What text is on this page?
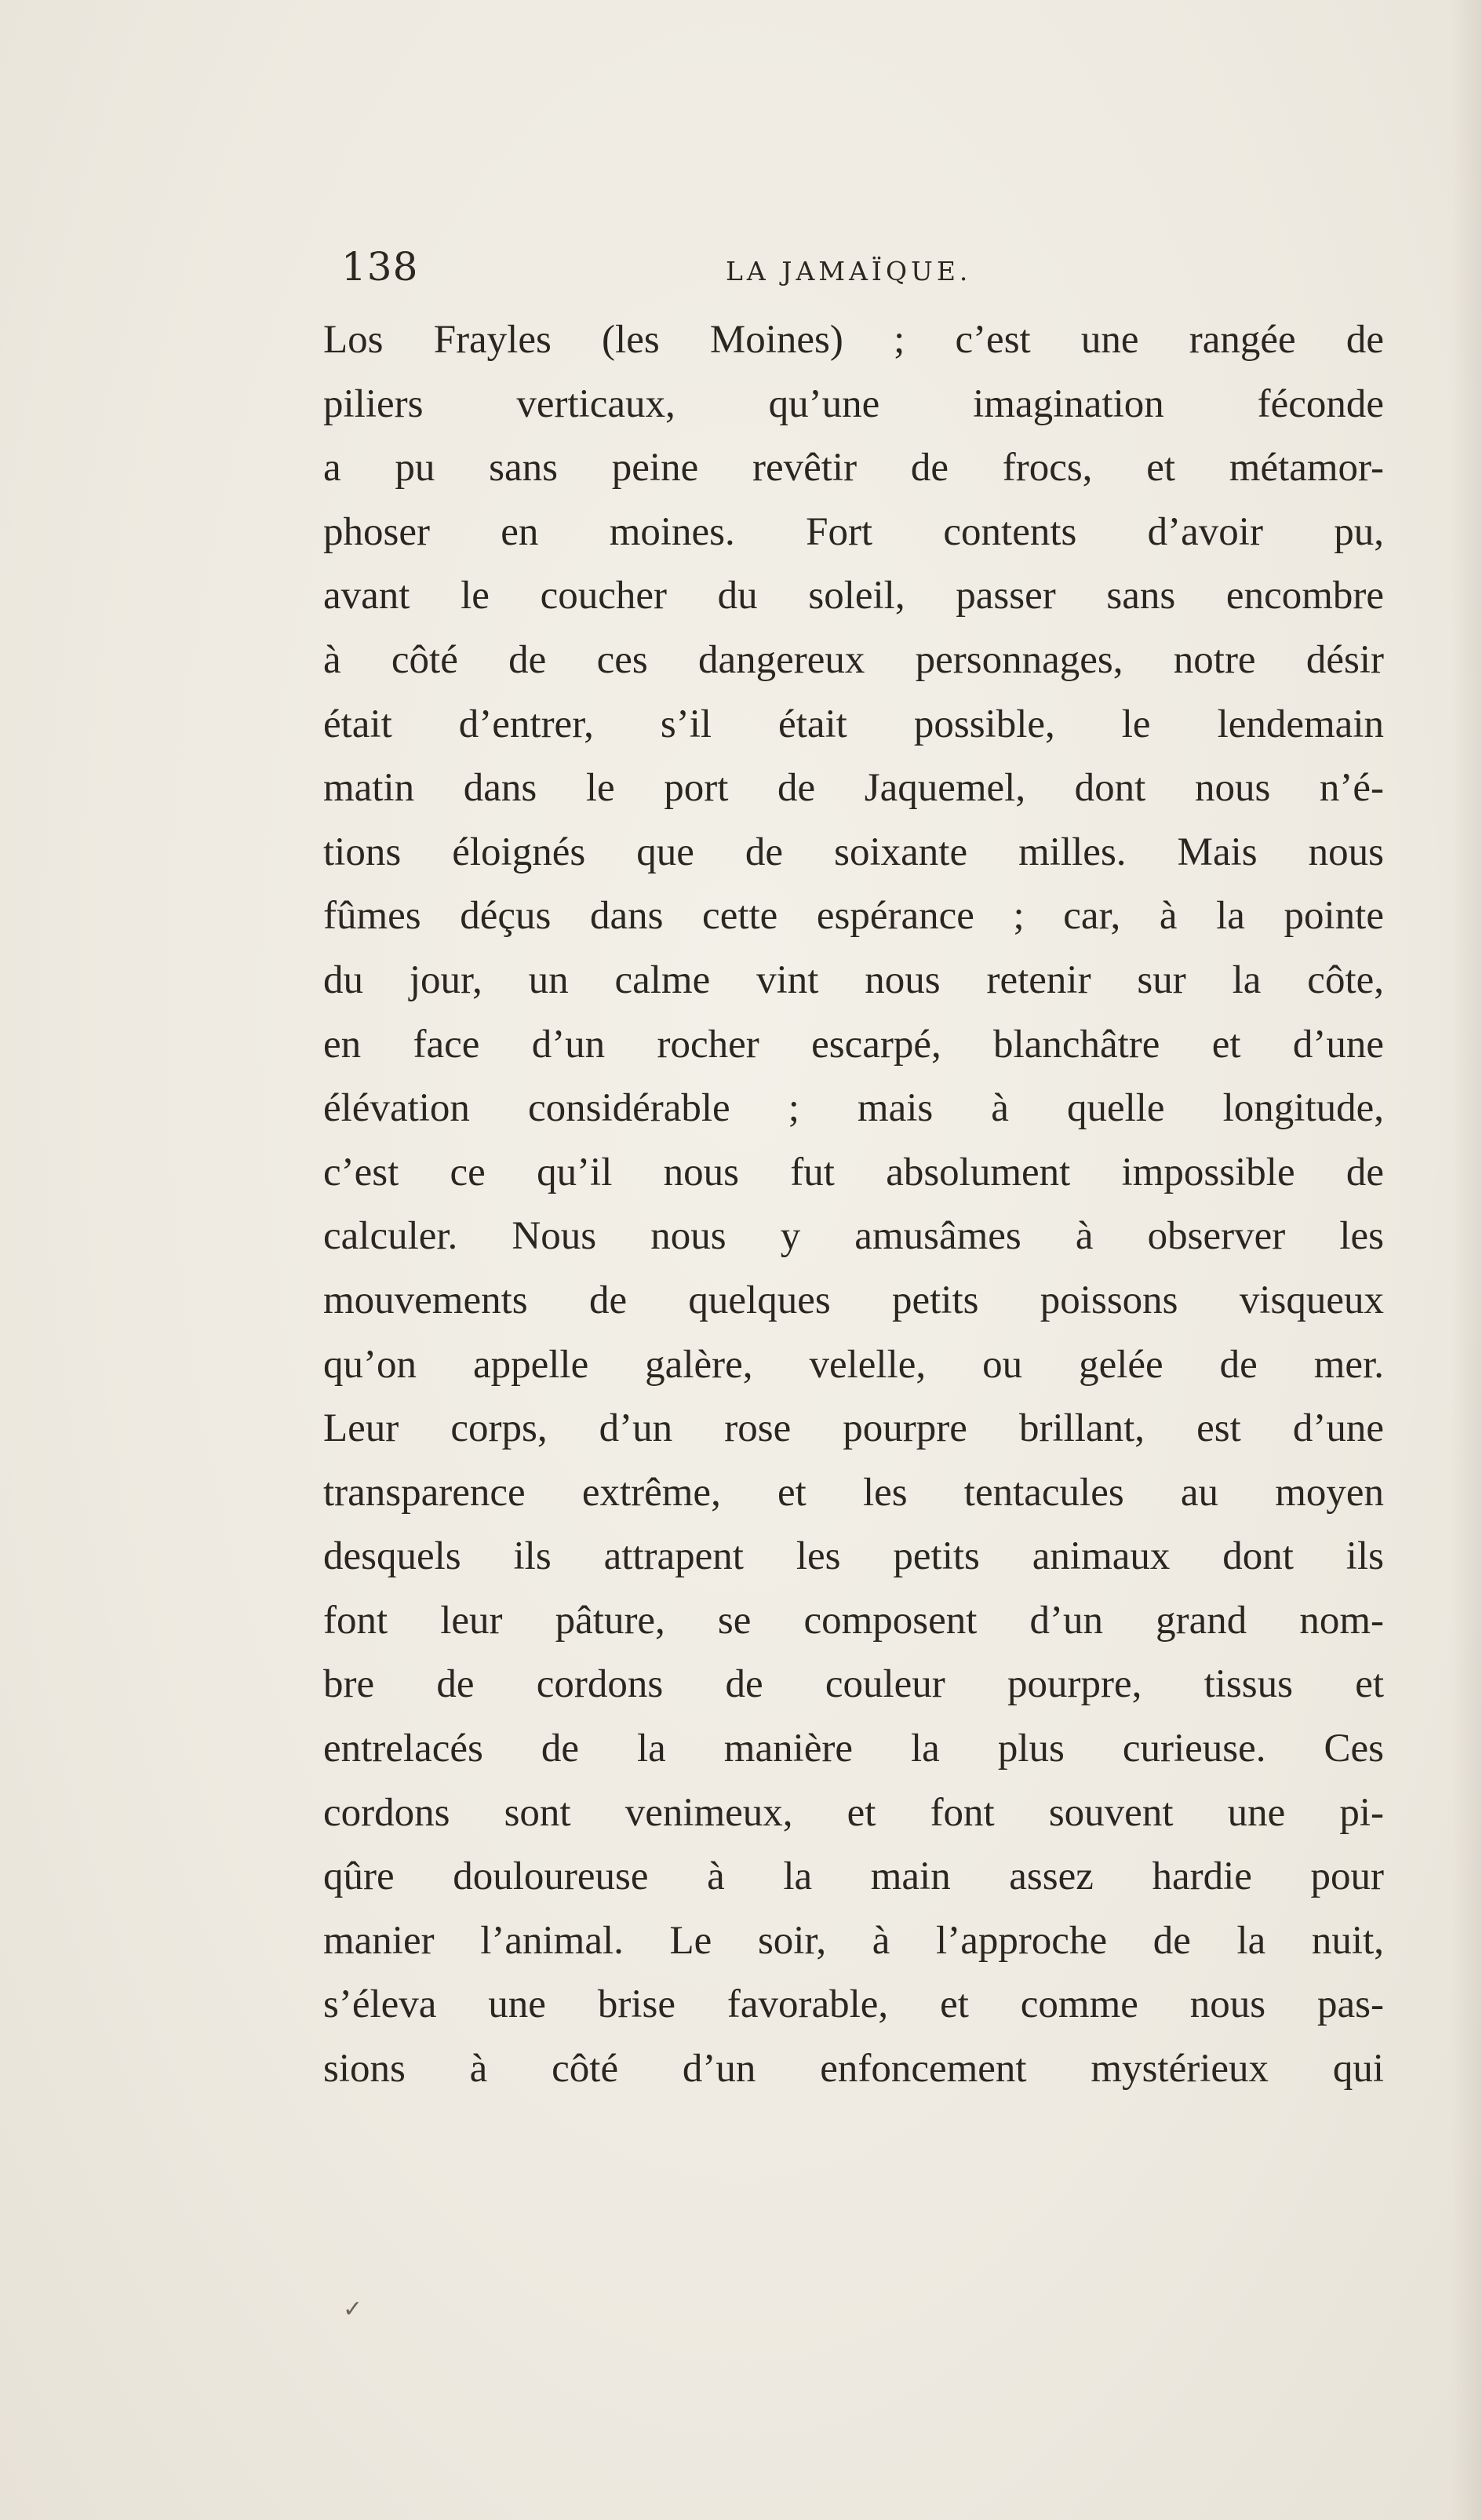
138	LA JAMAÏQUE.
Los Frayles (les Moines) ; c’est une rangée de
piliers verticaux, qu’une imagination féconde
a pu sans peine revêtir de frocs, et métamor-
phoser en moines. Fort contents d’avoir pu,
avant le coucher du soleil, passer sans encombre
à côté de ces dangereux personnages, notre désir
était d’entrer, s’il était possible, le lendemain
matin dans le port de Jaquemel, dont nous n’é-
tions éloignés que de soixante milles. Mais nous
fûmes déçus dans cette espérance ; car, à la pointe
du jour, un calme vint nous retenir sur la côte,
en face d’un rocher escarpé, blanchâtre et d’une
élévation considérable ; mais à quelle longitude,
c’est ce qu’il nous fut absolument impossible de
calculer. Nous nous y amusâmes à observer les
mouvements de quelques petits poissons visqueux
qu’on appelle galère, velelle, ou gelée de mer.
Leur corps, d’un rose pourpre brillant, est d’une
transparence extrême, et les tentacules au moyen
desquels ils attrapent les petits animaux dont ils
font leur pâture, se composent d’un grand nom-
bre de cordons de couleur pourpre, tissus et
entrelacés de la manière la plus curieuse. Ces
cordons sont venimeux, et font souvent une pi-
qûre douloureuse à la main assez hardie pour
manier l’animal. Le soir, à l’approche de la nuit,
s’éleva une brise favorable, et comme nous pas-
sions à côté d’un enfoncement mystérieux qui
✓
